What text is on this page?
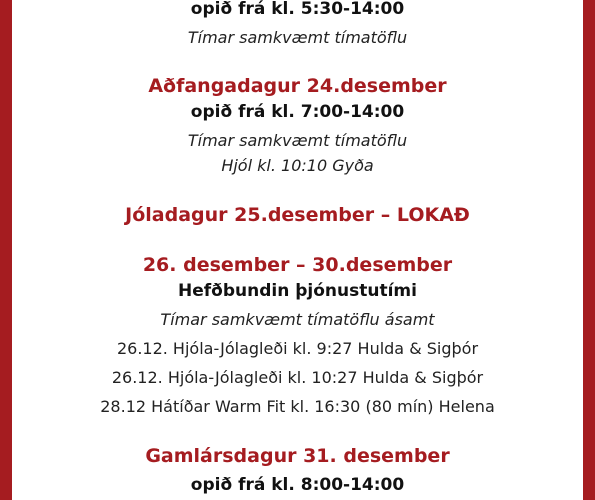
opið frá kl. 5:30-14:00
Tímar samkvæmt tímatöflu
Aðfangadagur 24.desember
opið frá kl. 7:00-14:00
Tímar samkvæmt tímatöflu
Hjól kl. 10:10 Gyða
Jóladagur 25.desember – LOKAÐ
26. desember – 30.desember
Hefðbundin þjónustutími
Tímar samkvæmt tímatöflu ásamt
26.12. Hjóla-Jólagleði kl. 9:27 Hulda & Sigþór
26.12. Hjóla-Jólagleði kl. 10:27 Hulda & Sigþór
28.12 Hátíðar Warm Fit kl. 16:30 (80 mín) Helena
Gamlársdagur 31. desember
opið frá kl. 8:00-14:00
